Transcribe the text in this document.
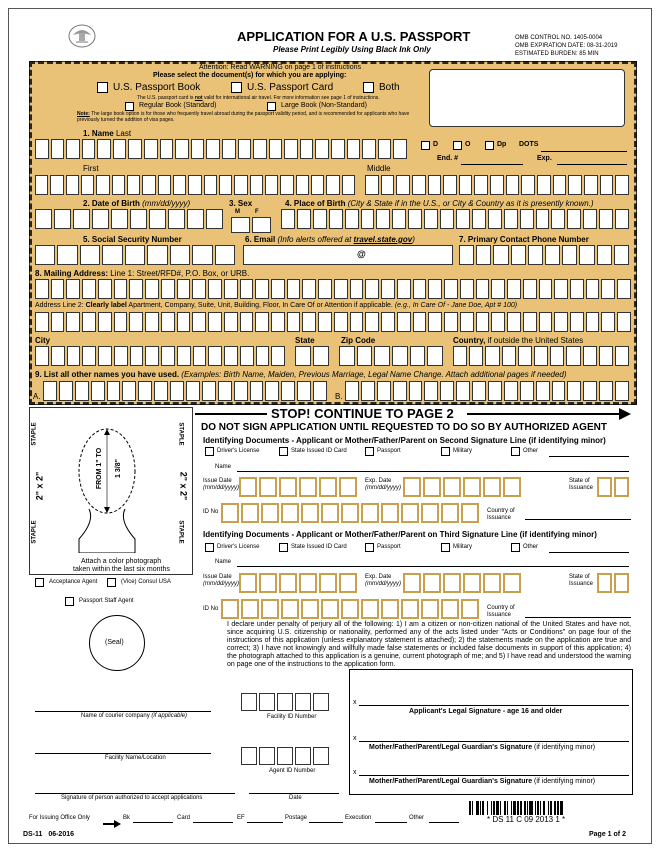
APPLICATION FOR A U.S. PASSPORT
Please Print Legibly Using Black Ink Only
OMB CONTROL NO. 1405-0004
OMB EXPIRATION DATE: 08-31-2019
ESTIMATED BURDEN: 85 MIN
Attention: Read WARNING on page 1 of instructions
Please select the document(s) for which you are applying:
U.S. Passport Book	U.S. Passport Card	Both
The U.S. passport card is not valid for international air travel. For more information see page 1 of instructions.
Regular Book (Standard)	Large Book (Non-Standard)
Note: The large book option is for those who frequently travel abroad during the passport validity period, and is recommended for applicants who have previously turned the addition of visa pages.
1. Name Last
D	O	Dp DOTS
End. #	Exp.
First	Middle
2. Date of Birth (mm/dd/yyyy)	3. Sex
M	F
4. Place of Birth (City & State if in the U.S., or City & Country as it is presently known.)
5. Social Security Number	6. Email (Info alerts offered at travel.state.gov)
@
7. Primary Contact Phone Number
8. Mailing Address: Line 1: Street/RFD#, P.O. Box, or URB.
Address Line 2: Clearly label Apartment, Company, Suite, Unit, Building, Floor, In Care Of or Attention if applicable. (e.g., In Care Of - Jane Doe, Apt # 100)
City	State	Zip Code	Country, if outside the United States
9. List all other names you have used. (Examples: Birth Name, Maiden, Previous Marriage, Legal Name Change. Attach additional pages if needed)
A.	B.
STAPLE	STAPLE
STAPLE	STAPLE
2" x 2"	2" x 2"
FROM 1" TO 1 3/8"
Attach a color photograph
taken within the last six months
STOP! CONTINUE TO PAGE 2
DO NOT SIGN APPLICATION UNTIL REQUESTED TO DO SO BY AUTHORIZED AGENT
Identifying Documents - Applicant or Mother/Father/Parent on Second Signature Line (if identifying minor)
Driver's License	State Issued ID Card	Passport	Military	Other
Name
Issue Date
(mm/dd/yyyy)
Exp. Date
(mm/dd/yyyy)
State of
Issuance
ID No	Country of
Issuance
Identifying Documents - Applicant or Mother/Father/Parent on Third Signature Line (if identifying minor)
Driver's License	State Issued ID Card	Passport	Military	Other
Name
Issue Date
(mm/dd/yyyy)
Exp. Date
(mm/dd/yyyy)
State of
Issuance
ID No	Country of
Issuance
Acceptance Agent	(Vice) Consul USA
Passport Staff Agent
(Seal)
I declare under penalty of perjury all of the following: 1) I am a citizen or non-citizen national of the United States and have not, since acquiring U.S. citizenship or nationality, performed any of the acts listed under "Acts or Conditions" on page four of the instructions of this application (unless explanatory statement is attached); 2) the statements made on the application are true and correct; 3) I have not knowingly and willfully made false statements or included false documents in support of this application; 4) the photograph attached to this application is a genuine, current photograph of me; and 5) I have read and understood the warning on page one of the instructions to the application form.
x
Applicant's Legal Signature - age 16 and older
x
Mother/Father/Parent/Legal Guardian's Signature (if identifying minor)
x
Mother/Father/Parent/Legal Guardian's Signature (if identifying minor)
Name of courier company (if applicable)	Facility ID Number
Facility Name/Location
Agent ID Number
Signature of person authorized to accept applications	Date
For Issuing Office Only	Bk	Card	EF	Postage	Execution	Other	* DS 11 C 09 2013 1 *
DS-11 06-2016	Page 1 of 2
